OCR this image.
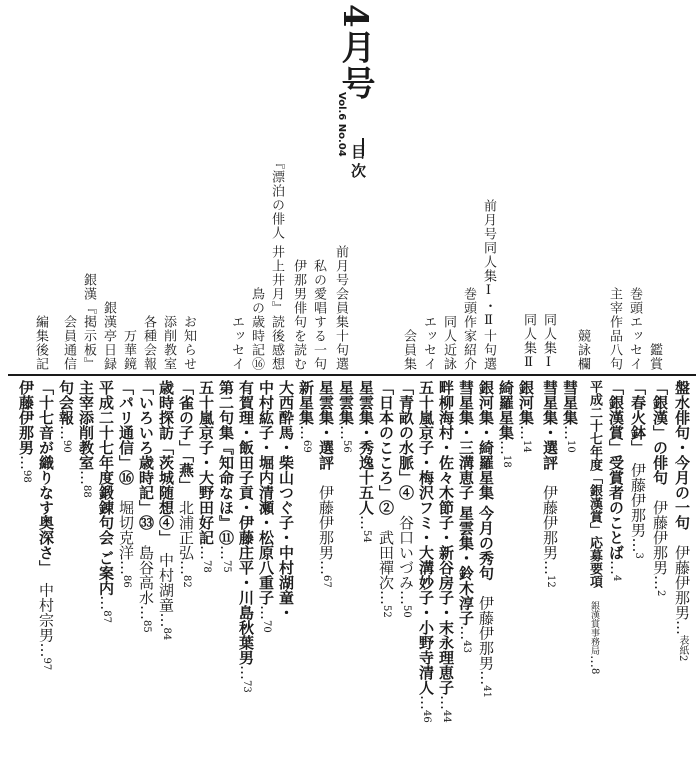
4月号
Vol.6 No.04
目次
鑑賞
巻頭エッセイ
主宰作品八句
競詠欄
同人集Ⅰ
同人集Ⅱ
前月号同人集Ⅰ・Ⅱ十句選
巻頭作家紹介
同人近詠
エッセイ
会員集
前月号会員集十句選
私の愛唱する一句
伊那男俳句を読む
『漂泊の俳人 井上井月』読後感想
鳥の歳時記⑯
エッセイ
お知らせ
添削教室
各種会報
万華鏡
銀漢亭日録
銀漢『掲示板』
会員通信
編集後記
盤水俳句・今月の一句　伊藤伊那男…表紙2
「銀漢」の俳句　伊藤伊那男…2
「春火鉢」　伊藤伊那男…3
「銀漢賞」受賞者のことば…4
平成二十七年度「銀漢賞」応募要項　銀漢賞事務局…8
彗星集…10
彗星集・選評　伊藤伊那男…12
銀河集…14
綺羅星集…18
銀河集・綺羅星集 今月の秀句　伊藤伊那男…41
彗星集・三溝恵子 星雲集・鈴木淳子…43
畔柳海村・佐々木節子・新谷房子・末永理恵子…44
五十嵐京子・梅沢フミ・大溝妙子・小野寺清人…46
「青畝の水脈」④　谷口いづみ…50
「日本のこころ」②　武田禪次…52
星雲集・秀逸十五人…54
星雲集…56
星雲集・選評　伊藤伊那男…67
新星集…69
大西酔馬・柴山つぐ子・中村湖童・
中村紘子・堀内清瀬・松原八重子…70
有賀理・飯田子貢・伊藤庄平・川島秋葉男…73
第二句集『知命なほ』⑪…75
五十嵐京子・大野田好記…78
「雀の子」「燕」　北浦正弘…82
歳時探訪「茨城随想④」　中村湖童…84
「いろいろ歳時記」㉝　島谷高水…85
「パリ通信」⑯　堀切克洋…86
平成二十七年度鍛錬句会 ご案内…87
主宰添削教室…88
句会報…90
「十七音が織りなす奥深さ」　中村宗男…97
伊藤伊那男…98
